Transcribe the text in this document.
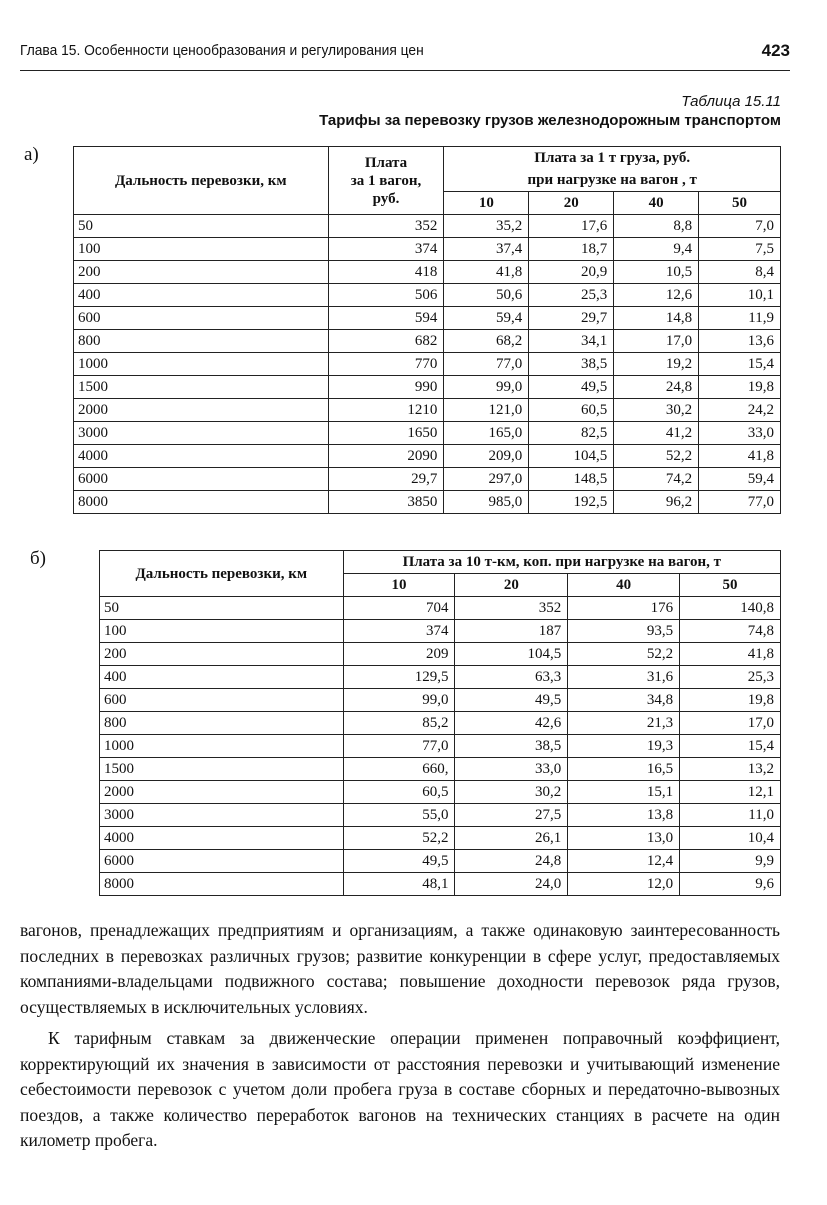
Глава 15. Особенности ценообразования и регулирования цен	423
Таблица 15.11
Тарифы за перевозку грузов железнодорожным транспортом
а)
Дальность перевозки, км	Плата
за 1 вагон,
руб.	Плата за 1 т груза, руб.			
		при нагрузке на вагон , т			
		10	20	40	50
50	352	35,2	17,6	8,8	7,0
100	374	37,4	18,7	9,4	7,5
200	418	41,8	20,9	10,5	8,4
400	506	50,6	25,3	12,6	10,1
600	594	59,4	29,7	14,8	11,9
800	682	68,2	34,1	17,0	13,6
1000	770	77,0	38,5	19,2	15,4
1500	990	99,0	49,5	24,8	19,8
2000	1210	121,0	60,5	30,2	24,2
3000	1650	165,0	82,5	41,2	33,0
4000	2090	209,0	104,5	52,2	41,8
6000	29,7	297,0	148,5	74,2	59,4
8000	3850	985,0	192,5	96,2	77,0
б)
Дальность перевозки, км	Плата за 10 т-км, коп. при нагрузке на вагон, т			
	10	20	40	50
50	704	352	176	140,8
100	374	187	93,5	74,8
200	209	104,5	52,2	41,8
400	129,5	63,3	31,6	25,3
600	99,0	49,5	34,8	19,8
800	85,2	42,6	21,3	17,0
1000	77,0	38,5	19,3	15,4
1500	660,	33,0	16,5	13,2
2000	60,5	30,2	15,1	12,1
3000	55,0	27,5	13,8	11,0
4000	52,2	26,1	13,0	10,4
6000	49,5	24,8	12,4	9,9
8000	48,1	24,0	12,0	9,6

вагонов, пренадлежащих предприятиям и организациям, а также одинаковую заинтересованность последних в перевозках различных грузов; развитие конкуренции в сфере услуг, предоставляемых компаниями-владельцами подвижного состава; повышение доходности перевозок ряда грузов, осуществляемых в исключительных условиях.

К тарифным ставкам за движенческие операции применен поправочный коэффициент, корректирующий их значения в зависимости от расстояния перевозки и учитывающий изменение себестоимости перевозок с учетом доли пробега груза в составе сборных и передаточно-вывозных поездов, а также количество переработок вагонов на технических станциях в расчете на один километр пробега.
